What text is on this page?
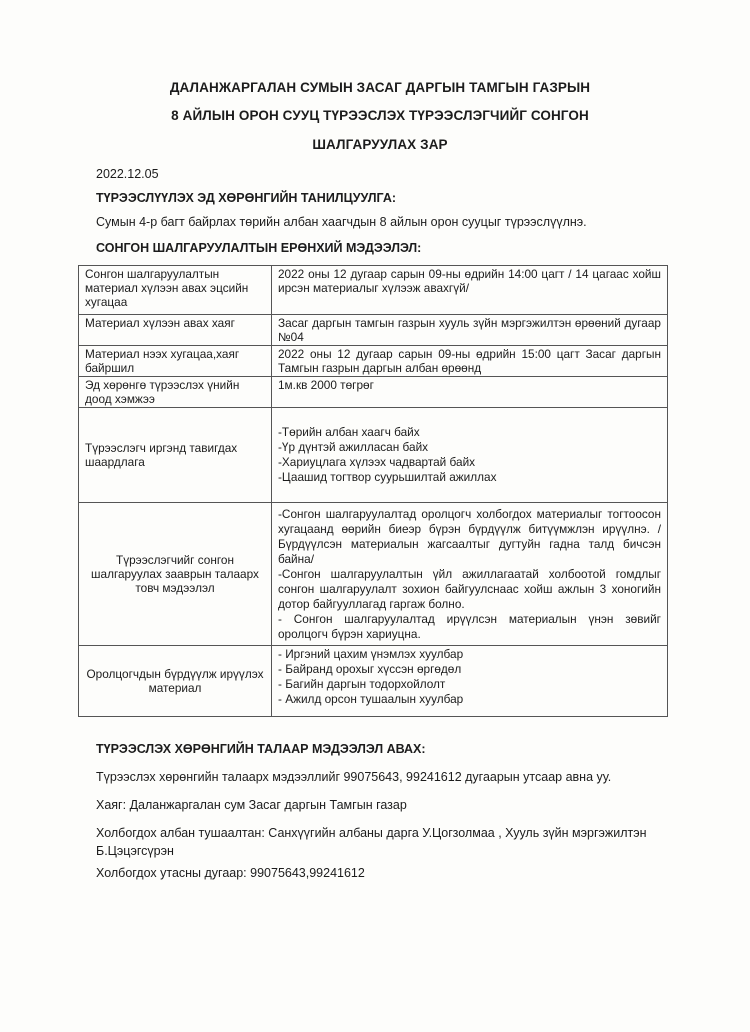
ДАЛАНЖАРГАЛАН СУМЫН ЗАСАГ ДАРГЫН ТАМГЫН ГАЗРЫН
8 АЙЛЫН ОРОН СУУЦ ТҮРЭЭСЛЭХ ТҮРЭЭСЛЭГЧИЙГ СОНГОН
ШАЛГАРУУЛАХ ЗАР
2022.12.05
ТҮРЭЭСЛҮҮЛЭХ ЭД ХӨРӨНГИЙН ТАНИЛЦУУЛГА:
Сумын 4-р багт байрлах төрийн албан хаагчдын 8 айлын орон сууцыг түрээслүүлнэ.
СОНГОН ШАЛГАРУУЛАЛТЫН ЕРӨНХИЙ МЭДЭЭЛЭЛ:
Сонгон шалгаруулалтын материал хүлээн авах эцсийн хугацаа	2022 оны 12 дугаар сарын 09-ны өдрийн 14:00 цагт / 14 цагаас хойш ирсэн материалыг хүлээж авахгүй/
Материал хүлээн авах хаяг	Засаг даргын тамгын газрын хууль зүйн мэргэжилтэн өрөөний дугаар №04
Материал нээх хугацаа,хаяг байршил	2022 оны 12 дугаар сарын 09-ны өдрийн 15:00 цагт Засаг даргын Тамгын газрын даргын албан өрөөнд
Эд хөрөнгө түрээслэх үнийн доод хэмжээ	1м.кв 2000 төгрөг
Түрээслэгч иргэнд тавигдах шаардлага	-Төрийн албан хаагч байх
-Үр дүнтэй ажилласан байх
-Хариуцлага хүлээх чадвартай байх
-Цаашид тогтвор суурьшилтай ажиллах

Түрээслэгчийг сонгон шалгаруулах зааврын талаарх товч мэдээлэл	-Сонгон шалгаруулалтад оролцогч холбогдох материалыг тогтоосон хугацаанд өөрийн биеэр бүрэн бүрдүүлж битүүмжлэн ирүүлнэ. /Бүрдүүлсэн материалын жагсаалтыг дугтуйн гадна талд бичсэн байна/
-Сонгон шалгаруулалтын үйл ажиллагаатай холбоотой гомдлыг сонгон шалгаруулалт зохион байгуулснаас хойш ажлын 3 хоногийн дотор байгууллагад гаргаж болно.
- Сонгон шалгаруулалтад ирүүлсэн материалын үнэн зөвийг оролцогч бүрэн хариуцна.

Оролцогчдын бүрдүүлж ирүүлэх материал	- Иргэний цахим үнэмлэх хуулбар
- Байранд орохыг хүссэн өргөдөл
- Багийн даргын тодорхойлолт
- Ажилд орсон тушаалын хуулбар
ТҮРЭЭСЛЭХ ХӨРӨНГИЙН ТАЛААР МЭДЭЭЛЭЛ АВАХ:
Түрээслэх хөрөнгийн талаарх мэдээллийг 99075643, 99241612 дугаарын утсаар авна уу.
Хаяг: Даланжаргалан сум Засаг даргын Тамгын газар
Холбогдох албан тушаалтан: Санхүүгийн албаны дарга У.Цогзолмаа , Хууль зүйн мэргэжилтэн
Б.Цэцэгсүрэн
Холбогдох утасны дугаар: 99075643,99241612
